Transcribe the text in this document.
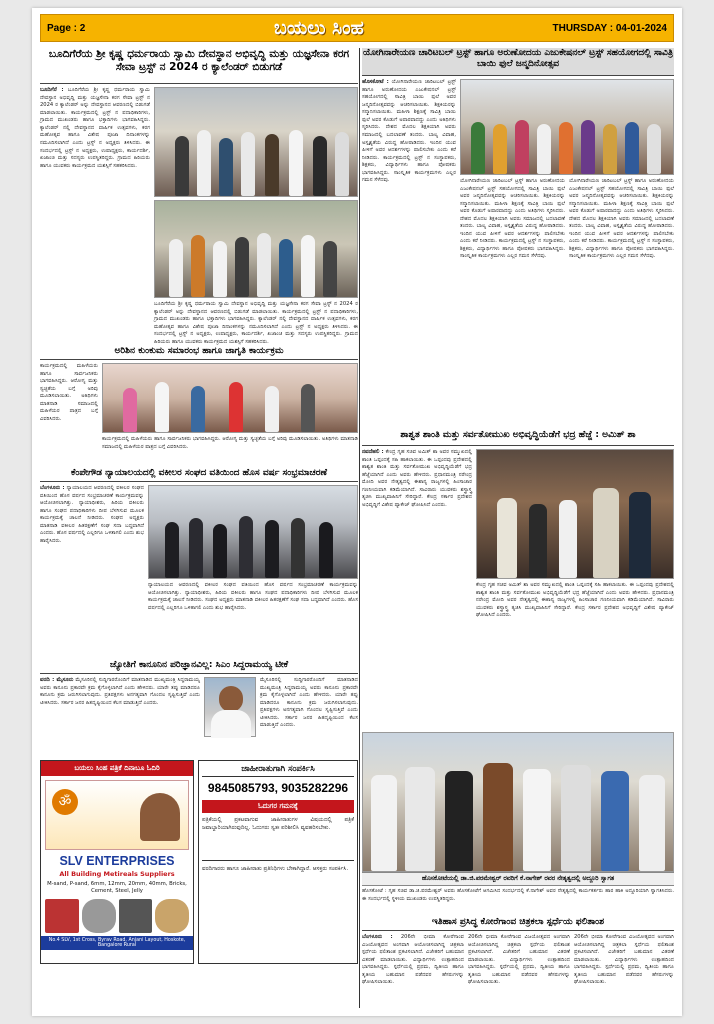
Page : 2	ಬಯಲು ಸಿಂಹ	THURSDAY : 04-01-2024
ಬೂದಿಗೆರೆಯ ಶ್ರೀ ಕೃಷ್ಣ ಧರ್ಮರಾಯ ಸ್ವಾಮಿ ದೇವಸ್ಥಾನ ಅಭಿವೃದ್ಧಿ ಮತ್ತು ಯಜ್ಞಸೇನಾ ಕರಗ ಸೇವಾ ಟ್ರಸ್ಟ್ ನ 2024 ರ ಕ್ಯಾಲೆಂಡರ್ ಬಿಡುಗಡೆ
ಬೂದಿಗೆರೆ : ಬೂದಿಗೆರೆಯ ಶ್ರೀ ಕೃಷ್ಣ ಧರ್ಮರಾಯ ಸ್ವಾಮಿ ದೇವಸ್ಥಾನ ಅಭಿವೃದ್ಧಿ ಮತ್ತು ಯಜ್ಞಸೇನಾ ಕರಗ ಸೇವಾ ಟ್ರಸ್ಟ್ ನ 2024 ರ ಕ್ಯಾಲೆಂಡರ್ ಅನ್ನು ದೇವಸ್ಥಾನದ ಆವರಣದಲ್ಲಿ ಬಿಡುಗಡೆ ಮಾಡಲಾಯಿತು. ಕಾರ್ಯಕ್ರಮದಲ್ಲಿ ಟ್ರಸ್ಟ್ ನ ಪದಾಧಿಕಾರಿಗಳು, ಗ್ರಾಮದ ಮುಖಂಡರು ಹಾಗೂ ಭಕ್ತಾದಿಗಳು ಭಾಗವಹಿಸಿದ್ದರು. ಕ್ಯಾಲೆಂಡರ್ ನಲ್ಲಿ ದೇವಸ್ಥಾನದ ವಾರ್ಷಿಕ ಉತ್ಸವಗಳು, ಕರಗ ಮಹೋತ್ಸವ ಹಾಗೂ ವಿಶೇಷ ಪೂಜಾ ದಿನಾಂಕಗಳನ್ನು ನಮೂದಿಸಲಾಗಿದೆ ಎಂದು ಟ್ರಸ್ಟ್ ನ ಅಧ್ಯಕ್ಷರು ತಿಳಿಸಿದರು. ಈ ಸಂದರ್ಭದಲ್ಲಿ ಟ್ರಸ್ಟ್ ನ ಅಧ್ಯಕ್ಷರು, ಉಪಾಧ್ಯಕ್ಷರು, ಕಾರ್ಯದರ್ಶಿ, ಖಜಾಂಚಿ ಮತ್ತು ಸದಸ್ಯರು ಉಪಸ್ಥಿತರಿದ್ದರು. ಗ್ರಾಮದ ಹಿರಿಯರು ಹಾಗೂ ಯುವಕರು ಕಾರ್ಯಕ್ರಮದ ಯಶಸ್ಸಿಗೆ ಸಹಕರಿಸಿದರು.
ಬೂದಿಗೆರೆಯ ಶ್ರೀ ಕೃಷ್ಣ ಧರ್ಮರಾಯ ಸ್ವಾಮಿ ದೇವಸ್ಥಾನ ಅಭಿವೃದ್ಧಿ ಮತ್ತು ಯಜ್ಞಸೇನಾ ಕರಗ ಸೇವಾ ಟ್ರಸ್ಟ್ ನ 2024 ರ ಕ್ಯಾಲೆಂಡರ್ ಅನ್ನು ದೇವಸ್ಥಾನದ ಆವರಣದಲ್ಲಿ ಬಿಡುಗಡೆ ಮಾಡಲಾಯಿತು. ಕಾರ್ಯಕ್ರಮದಲ್ಲಿ ಟ್ರಸ್ಟ್ ನ ಪದಾಧಿಕಾರಿಗಳು, ಗ್ರಾಮದ ಮುಖಂಡರು ಹಾಗೂ ಭಕ್ತಾದಿಗಳು ಭಾಗವಹಿಸಿದ್ದರು. ಕ್ಯಾಲೆಂಡರ್ ನಲ್ಲಿ ದೇವಸ್ಥಾನದ ವಾರ್ಷಿಕ ಉತ್ಸವಗಳು, ಕರಗ ಮಹೋತ್ಸವ ಹಾಗೂ ವಿಶೇಷ ಪೂಜಾ ದಿನಾಂಕಗಳನ್ನು ನಮೂದಿಸಲಾಗಿದೆ ಎಂದು ಟ್ರಸ್ಟ್ ನ ಅಧ್ಯಕ್ಷರು ತಿಳಿಸಿದರು. ಈ ಸಂದರ್ಭದಲ್ಲಿ ಟ್ರಸ್ಟ್ ನ ಅಧ್ಯಕ್ಷರು, ಉಪಾಧ್ಯಕ್ಷರು, ಕಾರ್ಯದರ್ಶಿ, ಖಜಾಂಚಿ ಮತ್ತು ಸದಸ್ಯರು ಉಪಸ್ಥಿತರಿದ್ದರು. ಗ್ರಾಮದ ಹಿರಿಯರು ಹಾಗೂ ಯುವಕರು ಕಾರ್ಯಕ್ರಮದ ಯಶಸ್ಸಿಗೆ ಸಹಕರಿಸಿದರು.
ಅರಿಶಿನ ಕುಂಕುಮ ಸಮಾರಂಭ ಹಾಗೂ ಜಾಗೃತಿ ಕಾರ್ಯಕ್ರಮ
ಕಾರ್ಯಕ್ರಮದಲ್ಲಿ ಮಹಿಳೆಯರು ಹಾಗೂ ಸಾರ್ವಜನಿಕರು ಭಾಗವಹಿಸಿದ್ದರು. ಆರೋಗ್ಯ ಮತ್ತು ಸ್ವಚ್ಛತೆಯ ಬಗ್ಗೆ ಅರಿವು ಮೂಡಿಸಲಾಯಿತು. ಅತಿಥಿಗಳು ಮಾತನಾಡಿ ಸಮಾಜದಲ್ಲಿ ಮಹಿಳೆಯರ ಪಾತ್ರದ ಬಗ್ಗೆ ವಿವರಿಸಿದರು.
ಕಾರ್ಯಕ್ರಮದಲ್ಲಿ ಮಹಿಳೆಯರು ಹಾಗೂ ಸಾರ್ವಜನಿಕರು ಭಾಗವಹಿಸಿದ್ದರು. ಆರೋಗ್ಯ ಮತ್ತು ಸ್ವಚ್ಛತೆಯ ಬಗ್ಗೆ ಅರಿವು ಮೂಡಿಸಲಾಯಿತು. ಅತಿಥಿಗಳು ಮಾತನಾಡಿ ಸಮಾಜದಲ್ಲಿ ಮಹಿಳೆಯರ ಪಾತ್ರದ ಬಗ್ಗೆ ವಿವರಿಸಿದರು.
ಕೆಂಪೇಗೌಡ ನ್ಯಾಯಾಲಯದಲ್ಲಿ ವಕೀಲರ ಸಂಘದ ವತಿಯಿಂದ ಹೊಸ ವರ್ಷ ಸಂಭ್ರಮಾಚರಣೆ
ಬೆಂಗಳೂರು : ನ್ಯಾಯಾಲಯದ ಆವರಣದಲ್ಲಿ ವಕೀಲರ ಸಂಘದ ವತಿಯಿಂದ ಹೊಸ ವರ್ಷದ ಸಂಭ್ರಮಾಚರಣೆ ಕಾರ್ಯಕ್ರಮವನ್ನು ಆಯೋಜಿಸಲಾಗಿತ್ತು. ನ್ಯಾಯಾಧೀಶರು, ಹಿರಿಯ ವಕೀಲರು ಹಾಗೂ ಸಂಘದ ಪದಾಧಿಕಾರಿಗಳು ದೀಪ ಬೆಳಗಿಸುವ ಮೂಲಕ ಕಾರ್ಯಕ್ರಮಕ್ಕೆ ಚಾಲನೆ ನೀಡಿದರು. ಸಂಘದ ಅಧ್ಯಕ್ಷರು ಮಾತನಾಡಿ ವಕೀಲರ ಹಿತರಕ್ಷಣೆಗೆ ಸಂಘ ಸದಾ ಬದ್ಧವಾಗಿದೆ ಎಂದರು. ಹೊಸ ವರ್ಷದಲ್ಲಿ ಎಲ್ಲರಿಗೂ ಒಳಿತಾಗಲಿ ಎಂದು ಶುಭ ಹಾರೈಸಿದರು.
ನ್ಯಾಯಾಲಯದ ಆವರಣದಲ್ಲಿ ವಕೀಲರ ಸಂಘದ ವತಿಯಿಂದ ಹೊಸ ವರ್ಷದ ಸಂಭ್ರಮಾಚರಣೆ ಕಾರ್ಯಕ್ರಮವನ್ನು ಆಯೋಜಿಸಲಾಗಿತ್ತು. ನ್ಯಾಯಾಧೀಶರು, ಹಿರಿಯ ವಕೀಲರು ಹಾಗೂ ಸಂಘದ ಪದಾಧಿಕಾರಿಗಳು ದೀಪ ಬೆಳಗಿಸುವ ಮೂಲಕ ಕಾರ್ಯಕ್ರಮಕ್ಕೆ ಚಾಲನೆ ನೀಡಿದರು. ಸಂಘದ ಅಧ್ಯಕ್ಷರು ಮಾತನಾಡಿ ವಕೀಲರ ಹಿತರಕ್ಷಣೆಗೆ ಸಂಘ ಸದಾ ಬದ್ಧವಾಗಿದೆ ಎಂದರು. ಹೊಸ ವರ್ಷದಲ್ಲಿ ಎಲ್ಲರಿಗೂ ಒಳಿತಾಗಲಿ ಎಂದು ಶುಭ ಹಾರೈಸಿದರು.
ಜ್ಯೋತಿಗೆ ಕಾನೂನಿನ ಪರಿಜ್ಞಾನವಿಲ್ಲ: ಸಿಎಂ ಸಿದ್ದರಾಮಯ್ಯ ಟೀಕೆ
ವರದಿ : ಮೈಸೂರು ಮೈಸೂರಿನಲ್ಲಿ ಸುದ್ದಿಗಾರರೊಂದಿಗೆ ಮಾತನಾಡಿದ ಮುಖ್ಯಮಂತ್ರಿ ಸಿದ್ದರಾಮಯ್ಯ ಅವರು ಕಾನೂನು ಪ್ರಕಾರವೇ ಕ್ರಮ ಕೈಗೊಳ್ಳಲಾಗಿದೆ ಎಂದು ಹೇಳಿದರು. ಯಾರೇ ತಪ್ಪು ಮಾಡಿದರೂ ಕಾನೂನು ಕ್ರಮ ಜರುಗಿಸಲಾಗುವುದು. ಪ್ರತಿಪಕ್ಷಗಳು ಅನಗತ್ಯವಾಗಿ ಗೊಂದಲ ಸೃಷ್ಟಿಸುತ್ತಿವೆ ಎಂದು ಟೀಕಿಸಿದರು. ಸರ್ಕಾರ ಜನರ ಹಿತದೃಷ್ಟಿಯಿಂದ ಕೆಲಸ ಮಾಡುತ್ತಿದೆ ಎಂದರು.
ಮೈಸೂರಿನಲ್ಲಿ ಸುದ್ದಿಗಾರರೊಂದಿಗೆ ಮಾತನಾಡಿದ ಮುಖ್ಯಮಂತ್ರಿ ಸಿದ್ದರಾಮಯ್ಯ ಅವರು ಕಾನೂನು ಪ್ರಕಾರವೇ ಕ್ರಮ ಕೈಗೊಳ್ಳಲಾಗಿದೆ ಎಂದು ಹೇಳಿದರು. ಯಾರೇ ತಪ್ಪು ಮಾಡಿದರೂ ಕಾನೂನು ಕ್ರಮ ಜರುಗಿಸಲಾಗುವುದು. ಪ್ರತಿಪಕ್ಷಗಳು ಅನಗತ್ಯವಾಗಿ ಗೊಂದಲ ಸೃಷ್ಟಿಸುತ್ತಿವೆ ಎಂದು ಟೀಕಿಸಿದರು. ಸರ್ಕಾರ ಜನರ ಹಿತದೃಷ್ಟಿಯಿಂದ ಕೆಲಸ ಮಾಡುತ್ತಿದೆ ಎಂದರು.
ಬಯಲು ಸಿಂಹ ಪತ್ರಿಕೆ ದಿನಾಬೂ ಓದಿರಿ
ॐ
SLV ENTERPRISES
All Building Metireals Suppliers
M-sand, P-sand, 6mm, 12mm, 20mm, 40mm, Bricks, Cement, Steel, Jelly
No.4 SLV, 1st Cross, Byrav Road, Anjani Layout, Hoskote, Bangalore Rural
ಜಾಹೀರಾತುಗಾಗಿ ಸಂಪರ್ಕಿಸಿ
9845085793, 9035282296
ಓದುಗರ ಗಮನಕ್ಕೆ
ಪತ್ರಿಕೆಯಲ್ಲಿ ಪ್ರಕಟವಾಗುವ ಜಾಹೀರಾತುಗಳ ವಿಷಯದಲ್ಲಿ ಪತ್ರಿಕೆ ಜವಾಬ್ದಾರಿಯಾಗಿರುವುದಿಲ್ಲ. ಓದುಗರು ಸ್ವತಃ ಪರಿಶೀಲಿಸಿ ವ್ಯವಹರಿಸಬೇಕು.
ವರದಿಗಾರರು ಹಾಗೂ ಜಾಹೀರಾತು ಪ್ರತಿನಿಧಿಗಳು ಬೇಕಾಗಿದ್ದಾರೆ. ಆಸಕ್ತರು ಸಂಪರ್ಕಿಸಿ.
ಯೋಗಿನಾರೇಯಣ ಚಾರಿಟಬಲ್ ಟ್ರಸ್ಟ್ ಹಾಗೂ ಅರುಣೋದಯ ಎಜುಕೇಷನಲ್ ಟ್ರಸ್ಟ್ ಸಹಯೋಗದಲ್ಲಿ ಸಾವಿತ್ರಿ ಬಾಯಿ ಫುಲೆ ಜನ್ಮದಿನೋತ್ಸವ
ಹೊಸಕೋಟೆ : ಯೋಗಿನಾರೇಯಣ ಚಾರಿಟಬಲ್ ಟ್ರಸ್ಟ್ ಹಾಗೂ ಅರುಣೋದಯ ಎಜುಕೇಷನಲ್ ಟ್ರಸ್ಟ್ ಸಹಯೋಗದಲ್ಲಿ ಸಾವಿತ್ರಿ ಬಾಯಿ ಫುಲೆ ಅವರ ಜನ್ಮದಿನೋತ್ಸವವನ್ನು ಆಚರಿಸಲಾಯಿತು. ಶಿಕ್ಷಕಿಯರನ್ನು ಸನ್ಮಾನಿಸಲಾಯಿತು. ಮಹಿಳಾ ಶಿಕ್ಷಣಕ್ಕೆ ಸಾವಿತ್ರಿ ಬಾಯಿ ಫುಲೆ ಅವರ ಕೊಡುಗೆ ಅಪಾರವಾದದ್ದು ಎಂದು ಅತಿಥಿಗಳು ಸ್ಮರಿಸಿದರು. ದೇಶದ ಮೊದಲ ಶಿಕ್ಷಕಿಯಾಗಿ ಅವರು ಸಮಾಜದಲ್ಲಿ ಬದಲಾವಣೆ ತಂದರು. ಬಾಲ್ಯ ವಿವಾಹ, ಅಸ್ಪೃಶ್ಯತೆಯ ವಿರುದ್ಧ ಹೋರಾಡಿದರು. ಇಂದಿನ ಯುವ ಪೀಳಿಗೆ ಅವರ ಆದರ್ಶಗಳನ್ನು ಪಾಲಿಸಬೇಕು ಎಂದು ಕರೆ ನೀಡಿದರು. ಕಾರ್ಯಕ್ರಮದಲ್ಲಿ ಟ್ರಸ್ಟ್ ನ ಸಂಸ್ಥಾಪಕರು, ಶಿಕ್ಷಕರು, ವಿದ್ಯಾರ್ಥಿಗಳು ಹಾಗೂ ಪೋಷಕರು ಭಾಗವಹಿಸಿದ್ದರು. ಸಾಂಸ್ಕೃತಿಕ ಕಾರ್ಯಕ್ರಮಗಳು ಎಲ್ಲರ ಗಮನ ಸೆಳೆದವು.	ಯೋಗಿನಾರೇಯಣ ಚಾರಿಟಬಲ್ ಟ್ರಸ್ಟ್ ಹಾಗೂ ಅರುಣೋದಯ ಎಜುಕೇಷನಲ್ ಟ್ರಸ್ಟ್ ಸಹಯೋಗದಲ್ಲಿ ಸಾವಿತ್ರಿ ಬಾಯಿ ಫುಲೆ ಅವರ ಜನ್ಮದಿನೋತ್ಸವವನ್ನು ಆಚರಿಸಲಾಯಿತು. ಶಿಕ್ಷಕಿಯರನ್ನು ಸನ್ಮಾನಿಸಲಾಯಿತು. ಮಹಿಳಾ ಶಿಕ್ಷಣಕ್ಕೆ ಸಾವಿತ್ರಿ ಬಾಯಿ ಫುಲೆ ಅವರ ಕೊಡುಗೆ ಅಪಾರವಾದದ್ದು ಎಂದು ಅತಿಥಿಗಳು ಸ್ಮರಿಸಿದರು. ದೇಶದ ಮೊದಲ ಶಿಕ್ಷಕಿಯಾಗಿ ಅವರು ಸಮಾಜದಲ್ಲಿ ಬದಲಾವಣೆ ತಂದರು. ಬಾಲ್ಯ ವಿವಾಹ, ಅಸ್ಪೃಶ್ಯತೆಯ ವಿರುದ್ಧ ಹೋರಾಡಿದರು. ಇಂದಿನ ಯುವ ಪೀಳಿಗೆ ಅವರ ಆದರ್ಶಗಳನ್ನು ಪಾಲಿಸಬೇಕು ಎಂದು ಕರೆ ನೀಡಿದರು. ಕಾರ್ಯಕ್ರಮದಲ್ಲಿ ಟ್ರಸ್ಟ್ ನ ಸಂಸ್ಥಾಪಕರು, ಶಿಕ್ಷಕರು, ವಿದ್ಯಾರ್ಥಿಗಳು ಹಾಗೂ ಪೋಷಕರು ಭಾಗವಹಿಸಿದ್ದರು. ಸಾಂಸ್ಕೃತಿಕ ಕಾರ್ಯಕ್ರಮಗಳು ಎಲ್ಲರ ಗಮನ ಸೆಳೆದವು.
ಯೋಗಿನಾರೇಯಣ ಚಾರಿಟಬಲ್ ಟ್ರಸ್ಟ್ ಹಾಗೂ ಅರುಣೋದಯ ಎಜುಕೇಷನಲ್ ಟ್ರಸ್ಟ್ ಸಹಯೋಗದಲ್ಲಿ ಸಾವಿತ್ರಿ ಬಾಯಿ ಫುಲೆ ಅವರ ಜನ್ಮದಿನೋತ್ಸವವನ್ನು ಆಚರಿಸಲಾಯಿತು. ಶಿಕ್ಷಕಿಯರನ್ನು ಸನ್ಮಾನಿಸಲಾಯಿತು. ಮಹಿಳಾ ಶಿಕ್ಷಣಕ್ಕೆ ಸಾವಿತ್ರಿ ಬಾಯಿ ಫುಲೆ ಅವರ ಕೊಡುಗೆ ಅಪಾರವಾದದ್ದು ಎಂದು ಅತಿಥಿಗಳು ಸ್ಮರಿಸಿದರು. ದೇಶದ ಮೊದಲ ಶಿಕ್ಷಕಿಯಾಗಿ ಅವರು ಸಮಾಜದಲ್ಲಿ ಬದಲಾವಣೆ ತಂದರು. ಬಾಲ್ಯ ವಿವಾಹ, ಅಸ್ಪೃಶ್ಯತೆಯ ವಿರುದ್ಧ ಹೋರಾಡಿದರು. ಇಂದಿನ ಯುವ ಪೀಳಿಗೆ ಅವರ ಆದರ್ಶಗಳನ್ನು ಪಾಲಿಸಬೇಕು ಎಂದು ಕರೆ ನೀಡಿದರು. ಕಾರ್ಯಕ್ರಮದಲ್ಲಿ ಟ್ರಸ್ಟ್ ನ ಸಂಸ್ಥಾಪಕರು, ಶಿಕ್ಷಕರು, ವಿದ್ಯಾರ್ಥಿಗಳು ಹಾಗೂ ಪೋಷಕರು ಭಾಗವಹಿಸಿದ್ದರು. ಸಾಂಸ್ಕೃತಿಕ ಕಾರ್ಯಕ್ರಮಗಳು ಎಲ್ಲರ ಗಮನ ಸೆಳೆದವು.
ಶಾಶ್ವತ ಶಾಂತಿ ಮತ್ತು ಸರ್ವತೋಮುಖ ಅಭಿವೃದ್ಧಿಯೆಡೆಗೆ ಭದ್ರ ಹೆಜ್ಜೆ : ಅಮಿತ್ ಶಾ
ನವದೆಹಲಿ : ಕೇಂದ್ರ ಗೃಹ ಸಚಿವ ಅಮಿತ್ ಶಾ ಅವರ ಸಮ್ಮುಖದಲ್ಲಿ ಶಾಂತಿ ಒಪ್ಪಂದಕ್ಕೆ ಸಹಿ ಹಾಕಲಾಯಿತು. ಈ ಒಪ್ಪಂದವು ಪ್ರದೇಶದಲ್ಲಿ ಶಾಶ್ವತ ಶಾಂತಿ ಮತ್ತು ಸರ್ವತೋಮುಖ ಅಭಿವೃದ್ಧಿಯೆಡೆಗೆ ಭದ್ರ ಹೆಜ್ಜೆಯಾಗಿದೆ ಎಂದು ಅವರು ಹೇಳಿದರು. ಪ್ರಧಾನಮಂತ್ರಿ ನರೇಂದ್ರ ಮೋದಿ ಅವರ ನೇತೃತ್ವದಲ್ಲಿ ಈಶಾನ್ಯ ರಾಜ್ಯಗಳಲ್ಲಿ ಹಿಂಸಾಚಾರ ಗಣನೀಯವಾಗಿ ಕಡಿಮೆಯಾಗಿದೆ. ಸಾವಿರಾರು ಯುವಕರು ಶಸ್ತ್ರಾಸ್ತ್ರ ತ್ಯಜಿಸಿ ಮುಖ್ಯವಾಹಿನಿಗೆ ಸೇರಿದ್ದಾರೆ. ಕೇಂದ್ರ ಸರ್ಕಾರ ಪ್ರದೇಶದ ಅಭಿವೃದ್ಧಿಗೆ ವಿಶೇಷ ಪ್ಯಾಕೇಜ್ ಘೋಷಿಸಿದೆ ಎಂದರು.
ಕೇಂದ್ರ ಗೃಹ ಸಚಿವ ಅಮಿತ್ ಶಾ ಅವರ ಸಮ್ಮುಖದಲ್ಲಿ ಶಾಂತಿ ಒಪ್ಪಂದಕ್ಕೆ ಸಹಿ ಹಾಕಲಾಯಿತು. ಈ ಒಪ್ಪಂದವು ಪ್ರದೇಶದಲ್ಲಿ ಶಾಶ್ವತ ಶಾಂತಿ ಮತ್ತು ಸರ್ವತೋಮುಖ ಅಭಿವೃದ್ಧಿಯೆಡೆಗೆ ಭದ್ರ ಹೆಜ್ಜೆಯಾಗಿದೆ ಎಂದು ಅವರು ಹೇಳಿದರು. ಪ್ರಧಾನಮಂತ್ರಿ ನರೇಂದ್ರ ಮೋದಿ ಅವರ ನೇತೃತ್ವದಲ್ಲಿ ಈಶಾನ್ಯ ರಾಜ್ಯಗಳಲ್ಲಿ ಹಿಂಸಾಚಾರ ಗಣನೀಯವಾಗಿ ಕಡಿಮೆಯಾಗಿದೆ. ಸಾವಿರಾರು ಯುವಕರು ಶಸ್ತ್ರಾಸ್ತ್ರ ತ್ಯಜಿಸಿ ಮುಖ್ಯವಾಹಿನಿಗೆ ಸೇರಿದ್ದಾರೆ. ಕೇಂದ್ರ ಸರ್ಕಾರ ಪ್ರದೇಶದ ಅಭಿವೃದ್ಧಿಗೆ ವಿಶೇಷ ಪ್ಯಾಕೇಜ್ ಘೋಷಿಸಿದೆ ಎಂದರು.
ಹೊಸಕೋಟೆಯಲ್ಲಿ ಡಾ.ಜಿ.ಪರಮೇಶ್ವರ್ ರವರಿಗೆ ಕೆ.ನಾಗೇಶ್ ರವರ ನೇತೃತ್ವದಲ್ಲಿ ಅದ್ದೂರಿ ಸ್ವಾಗತ
ಹೊಸಕೋಟೆ : ಗೃಹ ಸಚಿವ ಡಾ.ಜಿ.ಪರಮೇಶ್ವರ್ ಅವರು ಹೊಸಕೋಟೆಗೆ ಆಗಮಿಸಿದ ಸಂದರ್ಭದಲ್ಲಿ ಕೆ.ನಾಗೇಶ್ ಅವರ ನೇತೃತ್ವದಲ್ಲಿ ಕಾರ್ಯಕರ್ತರು ಹಾರ ಹಾಕಿ ಅದ್ದೂರಿಯಾಗಿ ಸ್ವಾಗತಿಸಿದರು. ಈ ಸಂದರ್ಭದಲ್ಲಿ ಸ್ಥಳೀಯ ಮುಖಂಡರು ಉಪಸ್ಥಿತರಿದ್ದರು.
ಇತಿಹಾಸ ಪ್ರಸಿದ್ಧ ಕೋರೆಗಾಂವ ಚಿತ್ರಕಲಾ ಸ್ಪರ್ಧೆಯ ಫಲಿತಾಂಶ
ಬೆಂಗಳೂರು : 206ನೇ ಭೀಮಾ ಕೋರೆಗಾಂವ ವಿಜಯೋತ್ಸವದ ಅಂಗವಾಗಿ ಆಯೋಜಿಸಲಾಗಿದ್ದ ಚಿತ್ರಕಲಾ ಸ್ಪರ್ಧೆಯ ಫಲಿತಾಂಶ ಪ್ರಕಟಿಸಲಾಗಿದೆ. ವಿಜೇತರಿಗೆ ಬಹುಮಾನ ವಿತರಣೆ ಮಾಡಲಾಯಿತು. ವಿದ್ಯಾರ್ಥಿಗಳು ಉತ್ಸಾಹದಿಂದ ಭಾಗವಹಿಸಿದ್ದರು. ಸ್ಪರ್ಧೆಯಲ್ಲಿ ಪ್ರಥಮ, ದ್ವಿತೀಯ ಹಾಗೂ ತೃತೀಯ ಬಹುಮಾನ ಪಡೆದವರ ಹೆಸರುಗಳನ್ನು ಘೋಷಿಸಲಾಯಿತು.
206ನೇ ಭೀಮಾ ಕೋರೆಗಾಂವ ವಿಜಯೋತ್ಸವದ ಅಂಗವಾಗಿ ಆಯೋಜಿಸಲಾಗಿದ್ದ ಚಿತ್ರಕಲಾ ಸ್ಪರ್ಧೆಯ ಫಲಿತಾಂಶ ಪ್ರಕಟಿಸಲಾಗಿದೆ. ವಿಜೇತರಿಗೆ ಬಹುಮಾನ ವಿತರಣೆ ಮಾಡಲಾಯಿತು. ವಿದ್ಯಾರ್ಥಿಗಳು ಉತ್ಸಾಹದಿಂದ ಭಾಗವಹಿಸಿದ್ದರು. ಸ್ಪರ್ಧೆಯಲ್ಲಿ ಪ್ರಥಮ, ದ್ವಿತೀಯ ಹಾಗೂ ತೃತೀಯ ಬಹುಮಾನ ಪಡೆದವರ ಹೆಸರುಗಳನ್ನು ಘೋಷಿಸಲಾಯಿತು.
206ನೇ ಭೀಮಾ ಕೋರೆಗಾಂವ ವಿಜಯೋತ್ಸವದ ಅಂಗವಾಗಿ ಆಯೋಜಿಸಲಾಗಿದ್ದ ಚಿತ್ರಕಲಾ ಸ್ಪರ್ಧೆಯ ಫಲಿತಾಂಶ ಪ್ರಕಟಿಸಲಾಗಿದೆ. ವಿಜೇತರಿಗೆ ಬಹುಮಾನ ವಿತರಣೆ ಮಾಡಲಾಯಿತು. ವಿದ್ಯಾರ್ಥಿಗಳು ಉತ್ಸಾಹದಿಂದ ಭಾಗವಹಿಸಿದ್ದರು. ಸ್ಪರ್ಧೆಯಲ್ಲಿ ಪ್ರಥಮ, ದ್ವಿತೀಯ ಹಾಗೂ ತೃತೀಯ ಬಹುಮಾನ ಪಡೆದವರ ಹೆಸರುಗಳನ್ನು ಘೋಷಿಸಲಾಯಿತು.
